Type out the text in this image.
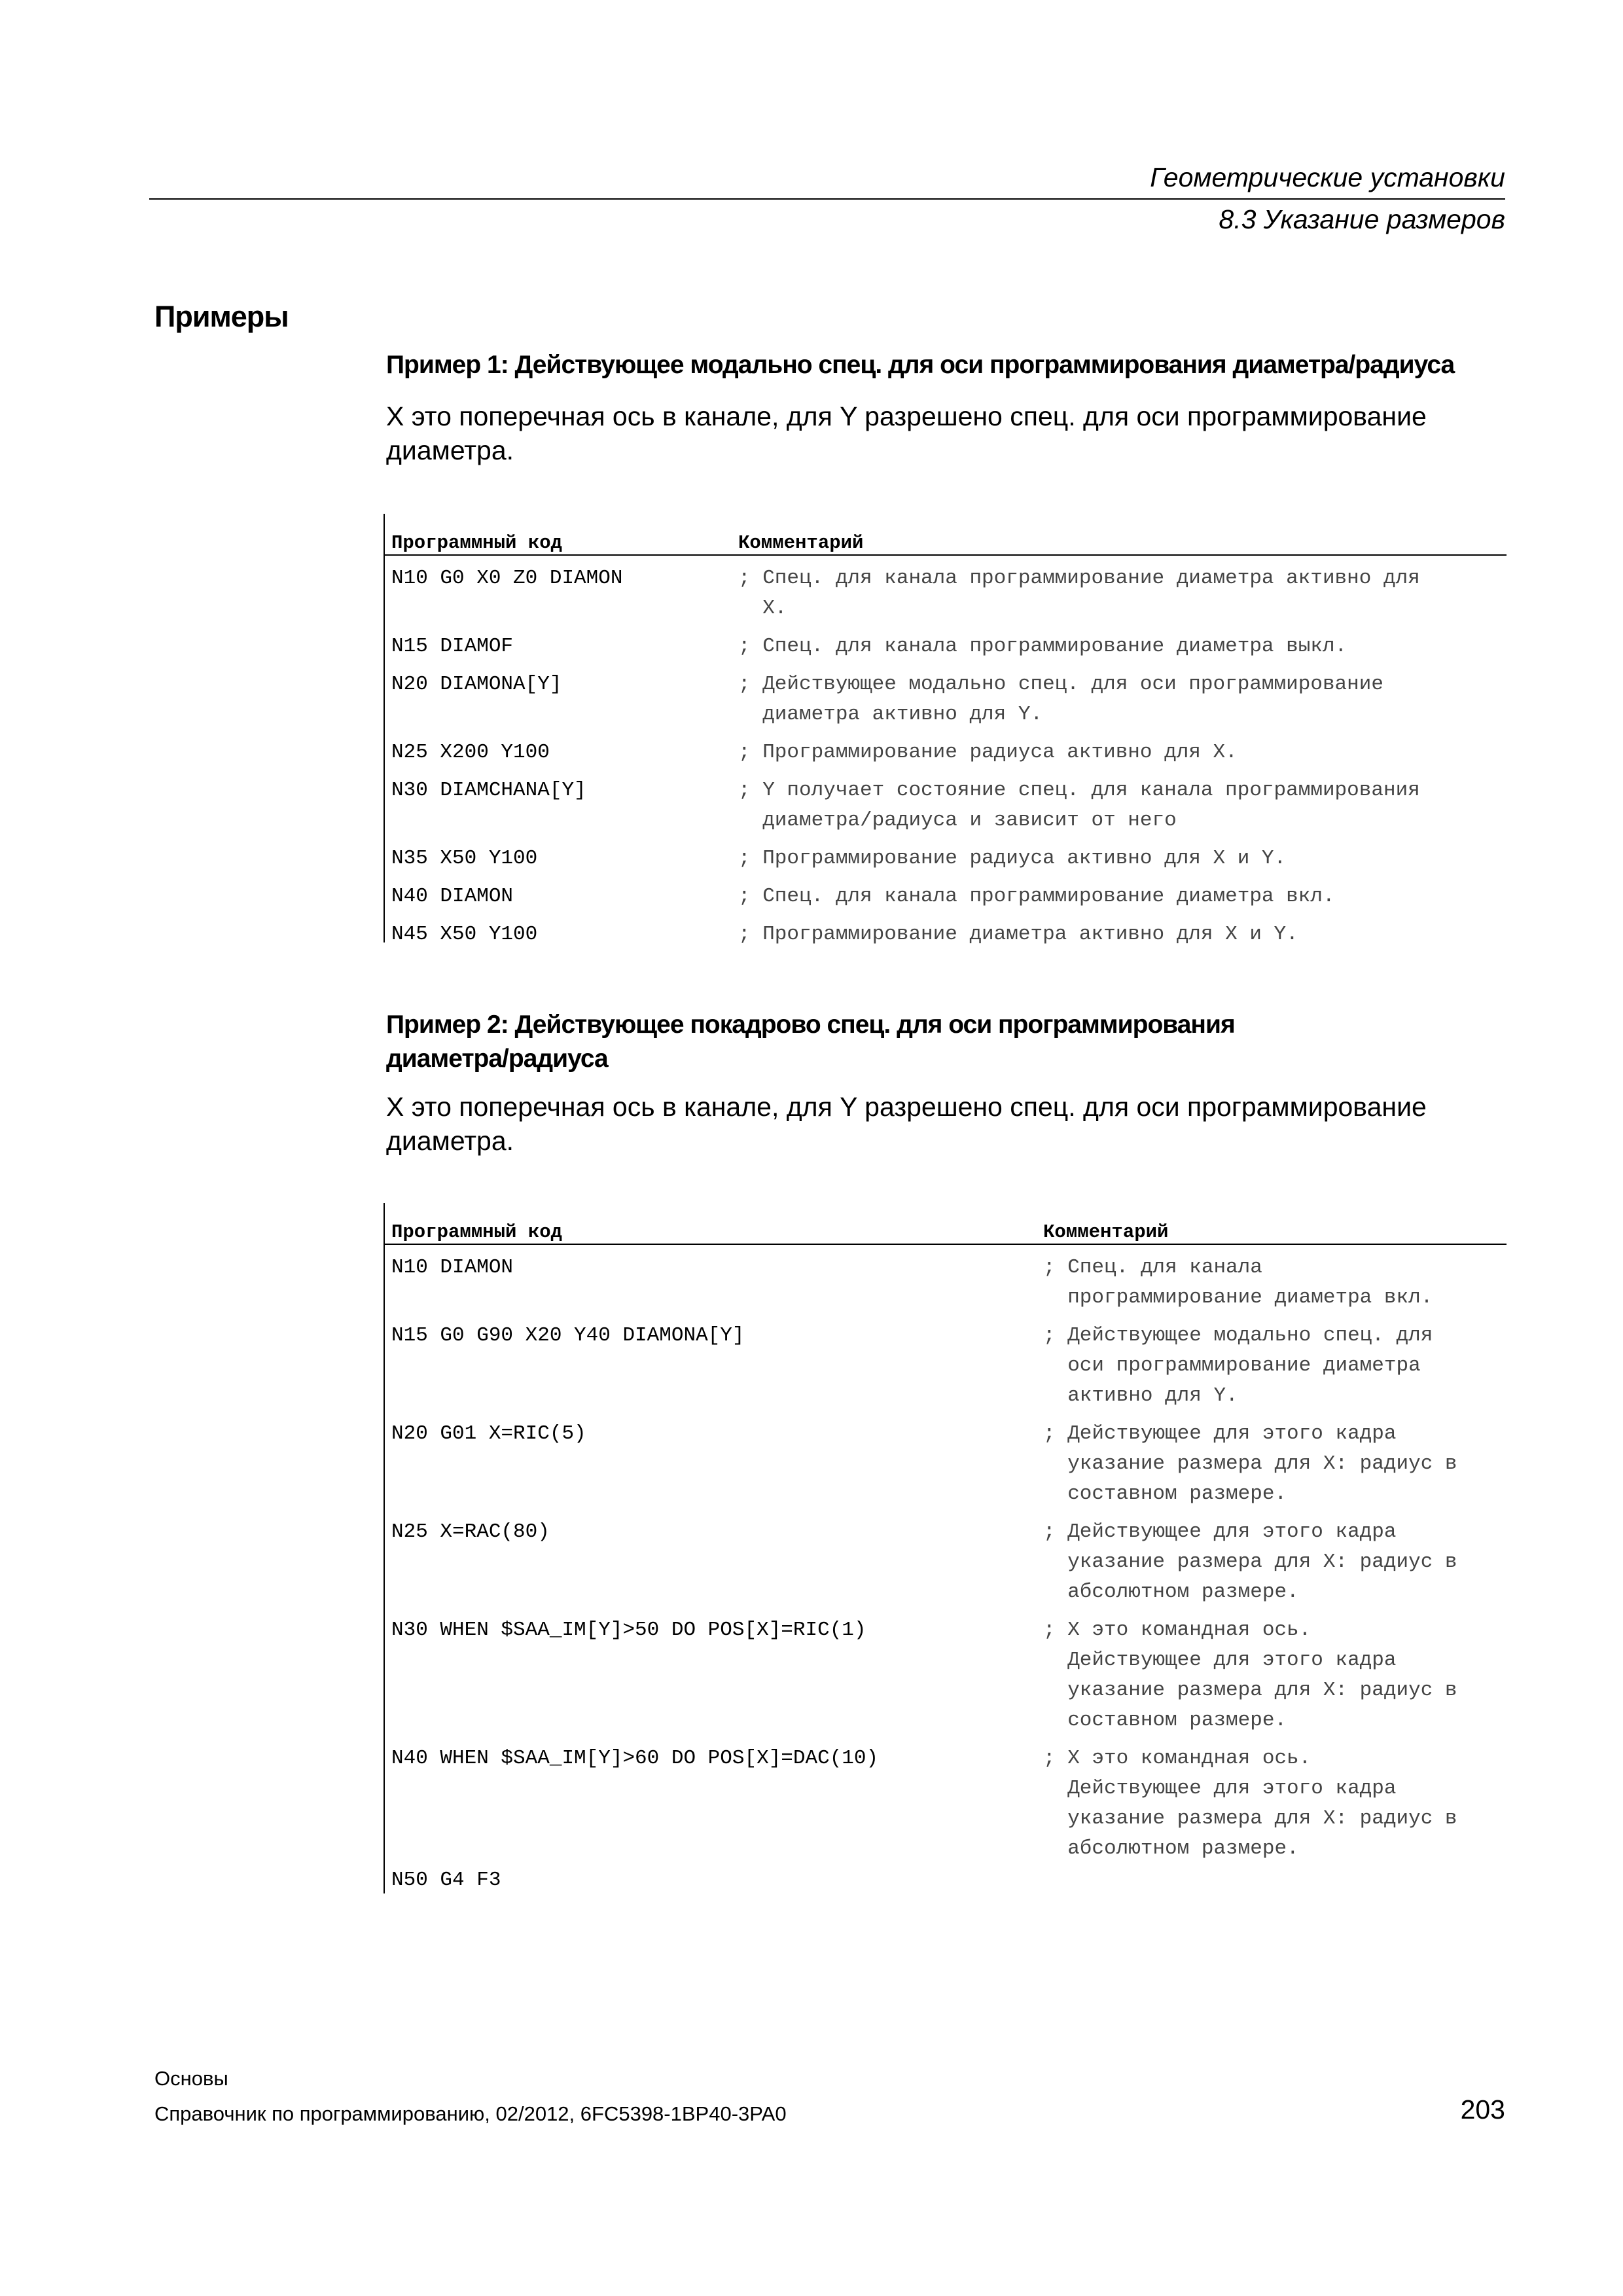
Геометрические установки
8.3 Указание размеров
Примеры
Пример 1: Действующее модально спец. для оси программирования диаметра/радиуса
X это поперечная ось в канале, для Y разрешено спец. для оси программирование диаметра.
Программный код	Комментарий
N10 G0 X0 Z0 DIAMON	; Спец. для канала программирование диаметра активно для
X.
N15 DIAMOF	; Спец. для канала программирование диаметра выкл.
N20 DIAMONA[Y]	; Действующее модально спец. для оси программирование
диаметра активно для Y.
N25 X200 Y100	; Программирование радиуса активно для X.
N30 DIAMCHANA[Y]	; Y получает состояние спец. для канала программирования
диаметра/радиуса и зависит от него
N35 X50 Y100	; Программирование радиуса активно для X и Y.
N40 DIAMON	; Спец. для канала программирование диаметра вкл.
N45 X50 Y100	; Программирование диаметра активно для X и Y.
Пример 2: Действующее покадрово спец. для оси программирования диаметра/радиуса
X это поперечная ось в канале, для Y разрешено спец. для оси программирование диаметра.
Программный код	Комментарий
N10 DIAMON	; Спец. для канала
программирование диаметра вкл.
N15 G0 G90 X20 Y40 DIAMONA[Y]	; Действующее модально спец. для
оси программирование диаметра
активно для Y.
N20 G01 X=RIC(5)	; Действующее для этого кадра
указание размера для X: радиус в
составном размере.
N25 X=RAC(80)	; Действующее для этого кадра
указание размера для X: радиус в
абсолютном размере.
N30 WHEN $SAA_IM[Y]>50 DO POS[X]=RIC(1)	; X это командная ось.
Действующее для этого кадра
указание размера для X: радиус в
составном размере.
N40 WHEN $SAA_IM[Y]>60 DO POS[X]=DAC(10)	; X это командная ось.
Действующее для этого кадра
указание размера для X: радиус в
абсолютном размере.
N50 G4 F3
Основы
Справочник по программированию, 02/2012, 6FC5398-1BP40-3PA0	203
